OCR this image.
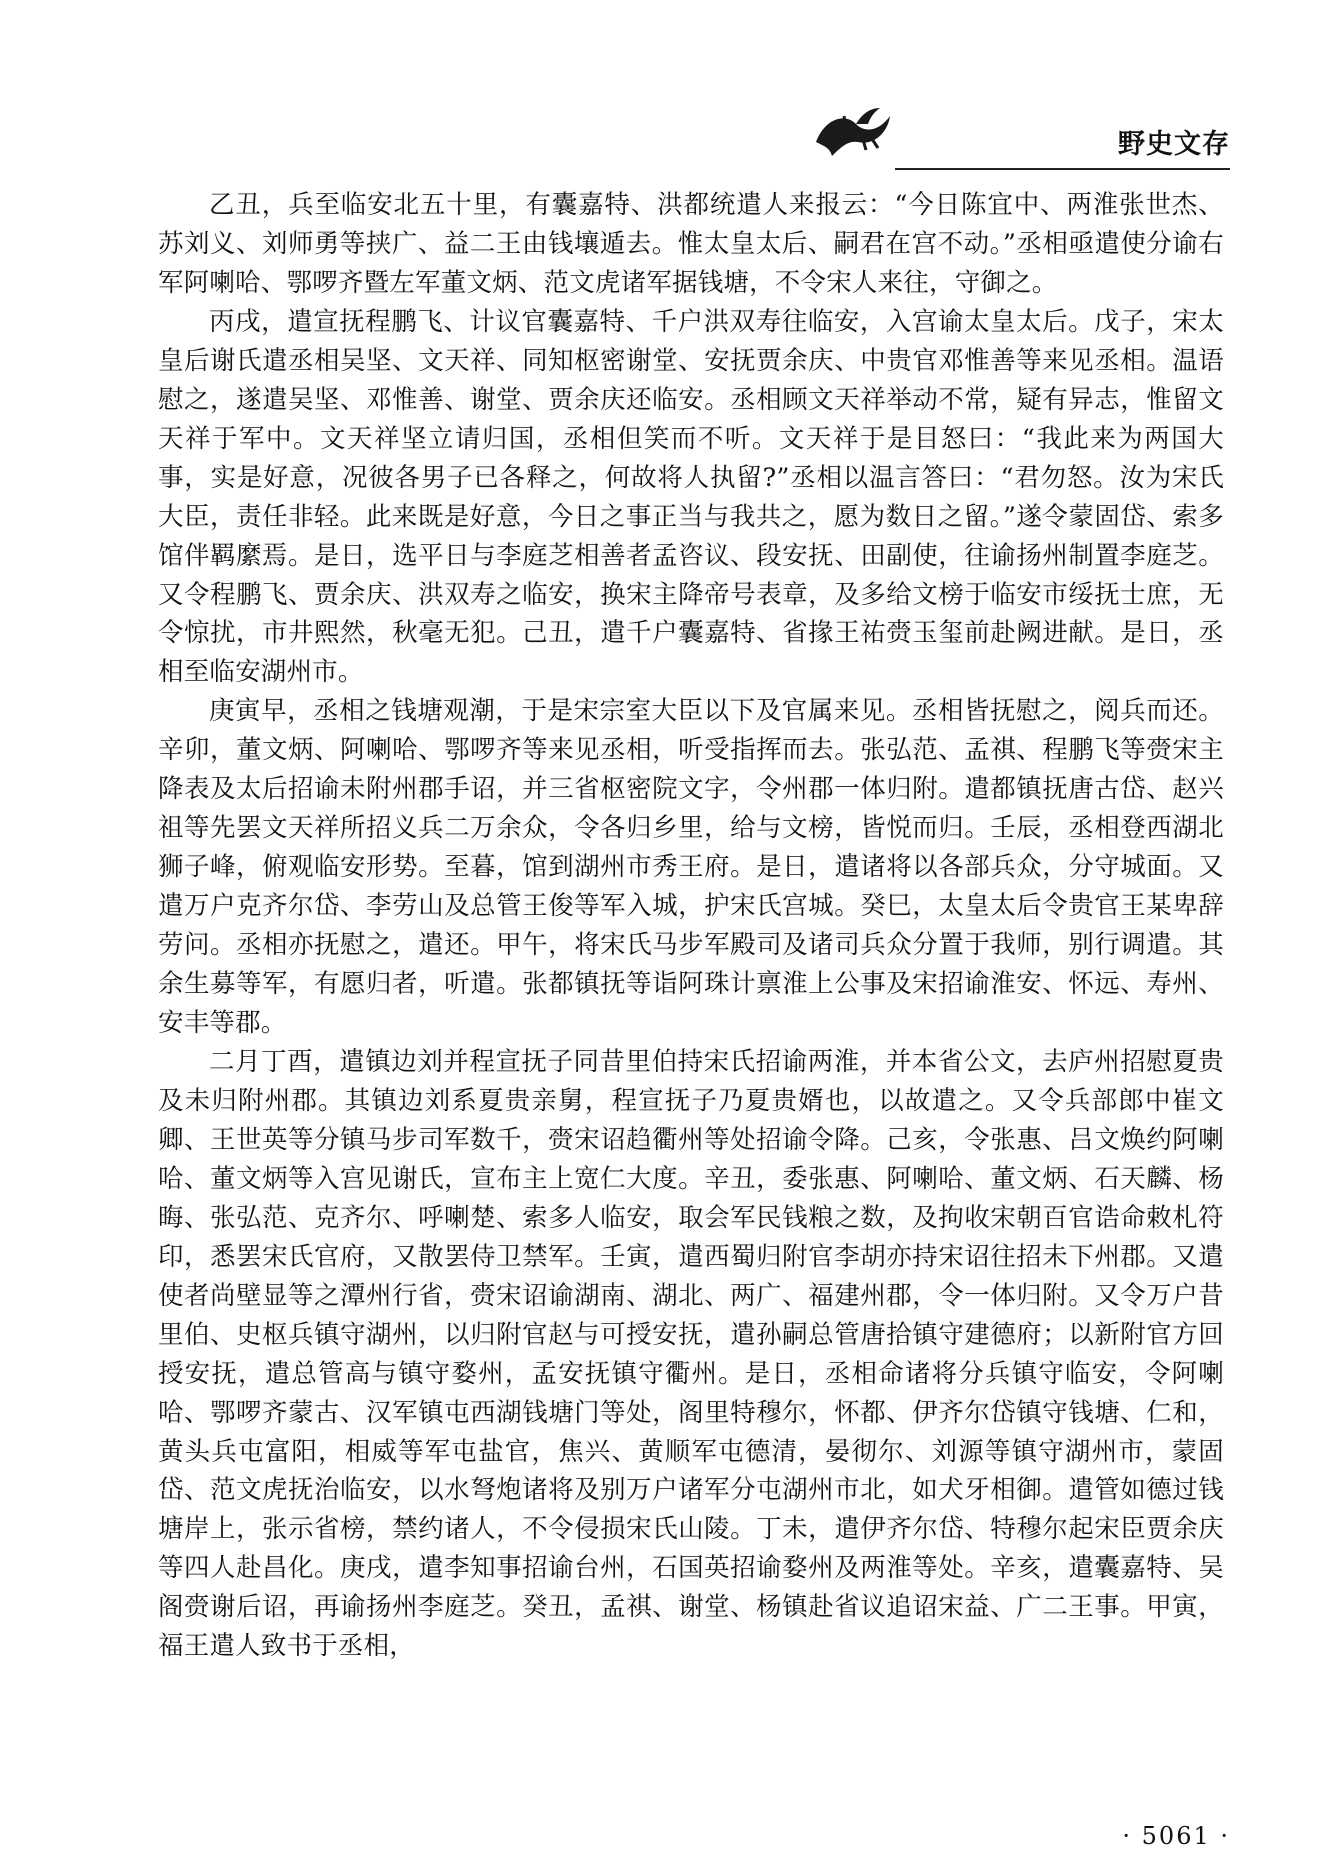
野史文存

乙丑，兵至临安北五十里，有囊嘉特、洪都统遣人来报云：“今日陈宜中、两淮张世杰、苏刘义、刘师勇等挟广、益二王由钱壤遁去。惟太皇太后、嗣君在宫不动。”丞相亟遣使分谕右军阿喇哈、鄂啰齐暨左军董文炳、范文虎诸军据钱塘，不令宋人来往，守御之。

丙戌，遣宣抚程鹏飞、计议官囊嘉特、千户洪双寿往临安，入宫谕太皇太后。戊子，宋太皇后谢氏遣丞相吴坚、文天祥、同知枢密谢堂、安抚贾余庆、中贵官邓惟善等来见丞相。温语慰之，遂遣吴坚、邓惟善、谢堂、贾余庆还临安。丞相顾文天祥举动不常，疑有异志，惟留文天祥于军中。文天祥坚立请归国，丞相但笑而不听。文天祥于是目怒曰：“我此来为两国大事，实是好意，况彼各男子已各释之，何故将人执留?”丞相以温言答曰：“君勿怒。汝为宋氏大臣，责任非轻。此来既是好意，今日之事正当与我共之，愿为数日之留。”遂令蒙固岱、索多馆伴羁縻焉。是日，选平日与李庭芝相善者孟咨议、段安抚、田副使，往谕扬州制置李庭芝。又令程鹏飞、贾余庆、洪双寿之临安，换宋主降帝号表章，及多给文榜于临安市绥抚士庶，无令惊扰，市井熙然，秋毫无犯。己丑，遣千户囊嘉特、省掾王祐赍玉玺前赴阙进献。是日，丞相至临安湖州市。

庚寅早，丞相之钱塘观潮，于是宋宗室大臣以下及官属来见。丞相皆抚慰之，阅兵而还。辛卯，董文炳、阿喇哈、鄂啰齐等来见丞相，听受指挥而去。张弘范、孟祺、程鹏飞等赍宋主降表及太后招谕未附州郡手诏，并三省枢密院文字，令州郡一体归附。遣都镇抚唐古岱、赵兴祖等先罢文天祥所招义兵二万余众，令各归乡里，给与文榜，皆悦而归。壬辰，丞相登西湖北狮子峰，俯观临安形势。至暮，馆到湖州市秀王府。是日，遣诸将以各部兵众，分守城面。又遣万户克齐尔岱、李劳山及总管王俊等军入城，护宋氏宫城。癸巳，太皇太后令贵官王某卑辞劳问。丞相亦抚慰之，遣还。甲午，将宋氏马步军殿司及诸司兵众分置于我师，别行调遣。其余生募等军，有愿归者，听遣。张都镇抚等诣阿珠计禀淮上公事及宋招谕淮安、怀远、寿州、安丰等郡。

二月丁酉，遣镇边刘并程宣抚子同昔里伯持宋氏招谕两淮，并本省公文，去庐州招慰夏贵及未归附州郡。其镇边刘系夏贵亲舅，程宣抚子乃夏贵婿也，以故遣之。又令兵部郎中崔文卿、王世英等分镇马步司军数千，赍宋诏趋衢州等处招谕令降。己亥，令张惠、吕文焕约阿喇哈、董文炳等入宫见谢氏，宣布主上宽仁大度。辛丑，委张惠、阿喇哈、董文炳、石天麟、杨晦、张弘范、克齐尔、呼喇楚、索多人临安，取会军民钱粮之数，及拘收宋朝百官诰命敕札符印，悉罢宋氏官府，又散罢侍卫禁军。壬寅，遣西蜀归附官李胡亦持宋诏往招未下州郡。又遣使者尚壁显等之潭州行省，赍宋诏谕湖南、湖北、两广、福建州郡，令一体归附。又令万户昔里伯、史枢兵镇守湖州，以归附官赵与可授安抚，遣孙嗣总管唐拾镇守建德府；以新附官方回授安抚，遣总管高与镇守婺州，孟安抚镇守衢州。是日，丞相命诸将分兵镇守临安，令阿喇哈、鄂啰齐蒙古、汉军镇屯西湖钱塘门等处，阁里特穆尔，怀都、伊齐尔岱镇守钱塘、仁和，黄头兵屯富阳，相威等军屯盐官，焦兴、黄顺军屯德清，晏彻尔、刘源等镇守湖州市，蒙固岱、范文虎抚治临安，以水弩炮诸将及别万户诸军分屯湖州市北，如犬牙相御。遣管如德过钱塘岸上，张示省榜，禁约诸人，不令侵损宋氏山陵。丁未，遣伊齐尔岱、特穆尔起宋臣贾余庆等四人赴昌化。庚戌，遣李知事招谕台州，石国英招谕婺州及两淮等处。辛亥，遣囊嘉特、吴阁赍谢后诏，再谕扬州李庭芝。癸丑，孟祺、谢堂、杨镇赴省议追诏宋益、广二王事。甲寅，福王遣人致书于丞相，

· 5061 ·
